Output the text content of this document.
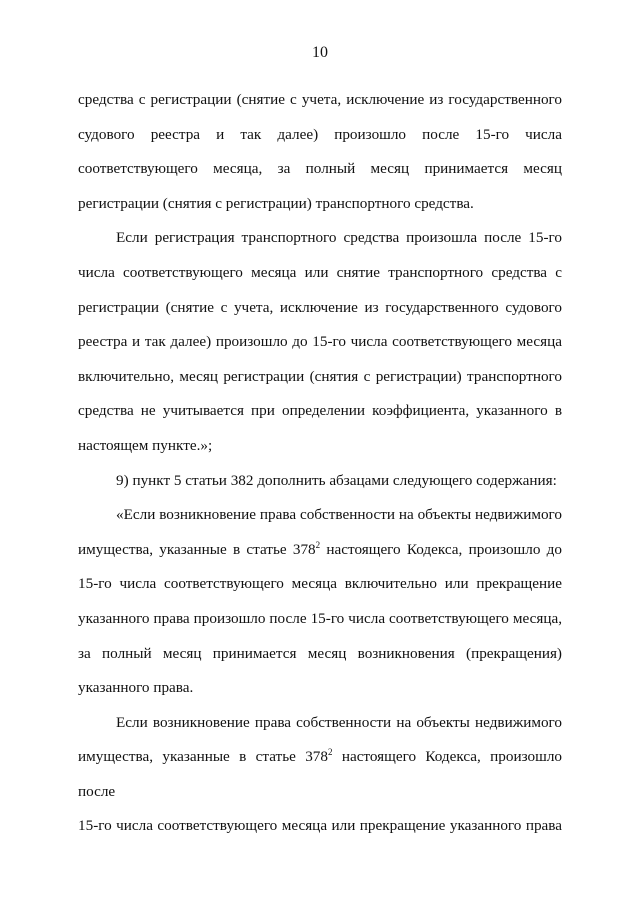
10

средства с регистрации (снятие с учета, исключение из государственного

судового реестра и так далее) произошло после 15-го числа

соответствующего месяца, за полный месяц принимается месяц

регистрации (снятия с регистрации) транспортного средства.

Если регистрация транспортного средства произошла после 15-го

числа соответствующего месяца или снятие транспортного средства с

регистрации (снятие с учета, исключение из государственного судового

реестра и так далее) произошло до 15-го числа соответствующего месяца

включительно, месяц регистрации (снятия с регистрации) транспортного

средства не учитывается при определении коэффициента, указанного в

настоящем пункте.»;

9) пункт 5 статьи 382 дополнить абзацами следующего содержания:

«Если возникновение права собственности на объекты недвижимого

имущества, указанные в статье $378^2$ настоящего Кодекса, произошло до

15-го числа соответствующего месяца включительно или прекращение

указанного права произошло после 15-го числа соответствующего месяца,

за полный месяц принимается месяц возникновения (прекращения)

указанного права.

Если возникновение права собственности на объекты недвижимого

имущества, указанные в статье $378^2$ настоящего Кодекса, произошло после

15-го числа соответствующего месяца или прекращение указанного права
